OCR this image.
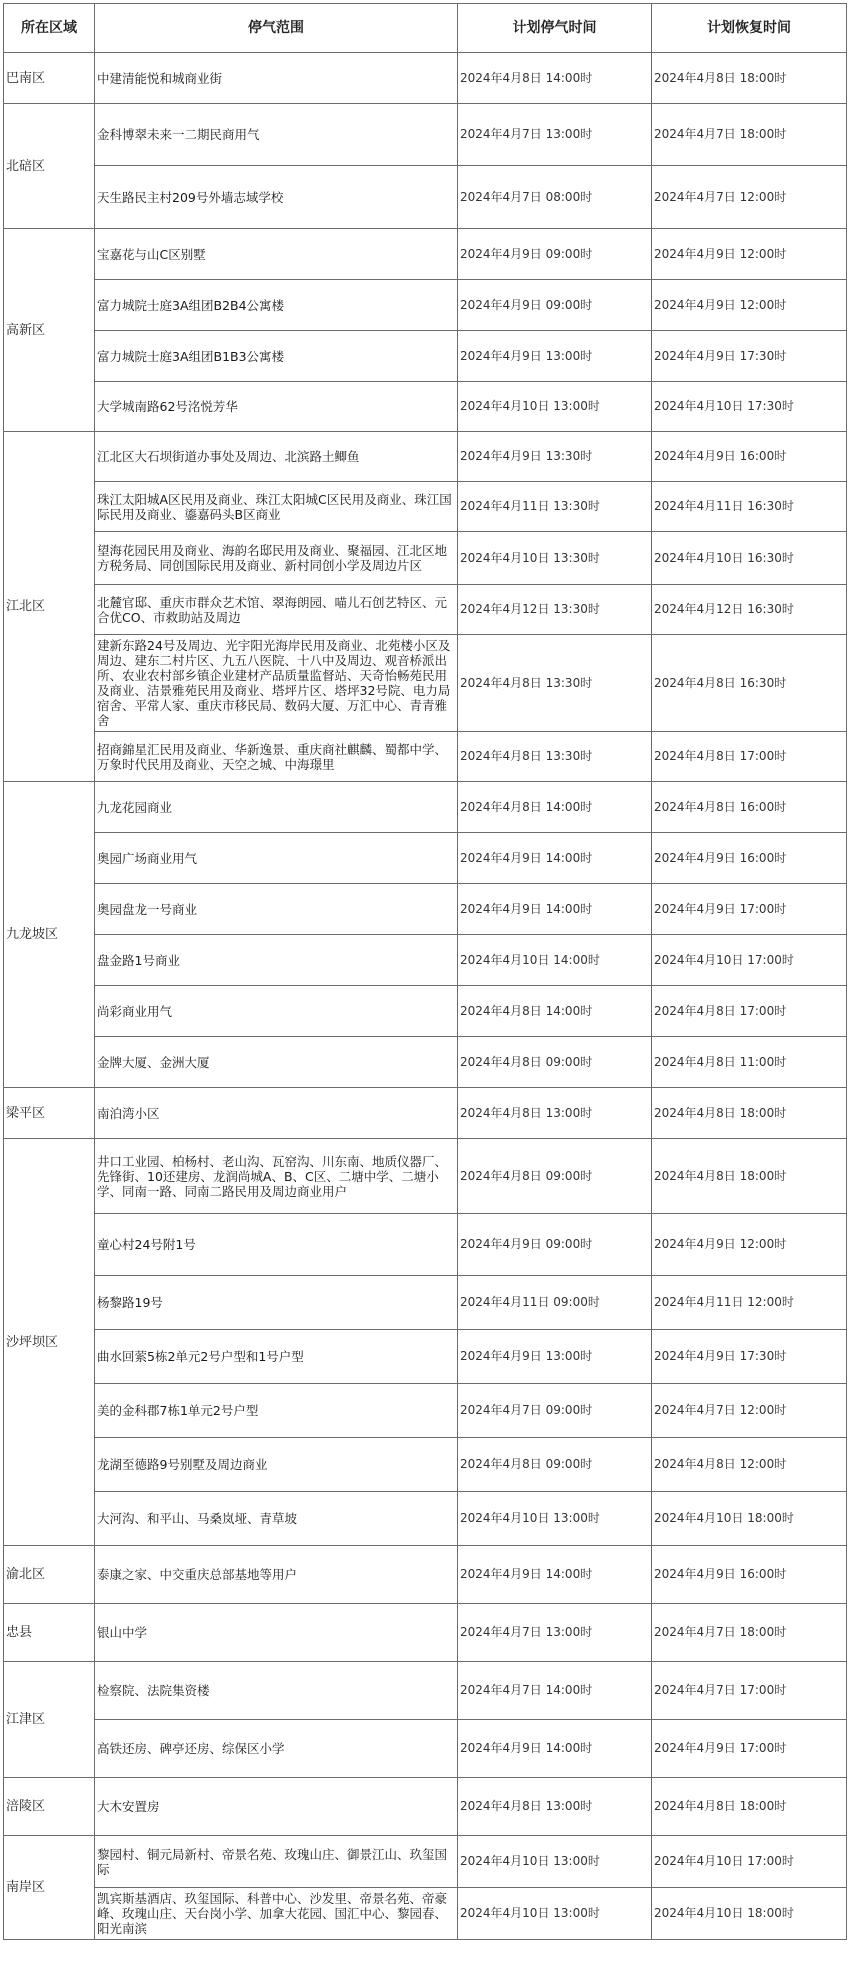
所在区域	停气范围	计划停气时间	计划恢复时间
巴南区	中建清能悦和城商业街	2024年4月8日 14:00时	2024年4月8日 18:00时
北碚区	金科博翠未来一二期民商用气	2024年4月7日 13:00时	2024年4月7日 18:00时
	天生路民主村209号外墙志域学校	2024年4月7日 08:00时	2024年4月7日 12:00时
高新区	宝嘉花与山C区别墅	2024年4月9日 09:00时	2024年4月9日 12:00时
	富力城院士庭3A组团B2B4公寓楼	2024年4月9日 09:00时	2024年4月9日 12:00时
	富力城院士庭3A组团B1B3公寓楼	2024年4月9日 13:00时	2024年4月9日 17:30时
	大学城南路62号洺悦芳华	2024年4月10日 13:00时	2024年4月10日 17:30时
江北区	江北区大石坝街道办事处及周边、北滨路土鲫鱼	2024年4月9日 13:30时	2024年4月9日 16:00时
	珠江太阳城A区民用及商业、珠江太阳城C区民用及商业、珠江国际民用及商业、鎏嘉码头B区商业	2024年4月11日 13:30时	2024年4月11日 16:30时
	望海花园民用及商业、海韵名邸民用及商业、聚福园、江北区地方税务局、同创国际民用及商业、新村同创小学及周边片区	2024年4月10日 13:30时	2024年4月10日 16:30时
	北麓官邸、重庆市群众艺术馆、翠海朗园、喵儿石创艺特区、元合优CO、市救助站及周边	2024年4月12日 13:30时	2024年4月12日 16:30时
	建新东路24号及周边、光宇阳光海岸民用及商业、北苑楼小区及周边、建东二村片区、九五八医院、十八中及周边、观音桥派出所、农业农村部乡镇企业建材产品质量监督站、天奇怡畅苑民用及商业、洁景雅苑民用及商业、塔坪片区、塔坪32号院、电力局宿舍、平常人家、重庆市移民局、数码大厦、万汇中心、青青雅舍	2024年4月8日 13:30时	2024年4月8日 16:30时
	招商錦星汇民用及商业、华新逸景、重庆商社麒麟、蜀都中学、万象时代民用及商业、天空之城、中海璟里	2024年4月8日 13:30时	2024年4月8日 17:00时
九龙坡区	九龙花园商业	2024年4月8日 14:00时	2024年4月8日 16:00时
	奥园广场商业用气	2024年4月9日 14:00时	2024年4月9日 16:00时
	奥园盘龙一号商业	2024年4月9日 14:00时	2024年4月9日 17:00时
	盘金路1号商业	2024年4月10日 14:00时	2024年4月10日 17:00时
	尚彩商业用气	2024年4月8日 14:00时	2024年4月8日 17:00时
	金牌大厦、金洲大厦	2024年4月8日 09:00时	2024年4月8日 11:00时
梁平区	南泊湾小区	2024年4月8日 13:00时	2024年4月8日 18:00时
沙坪坝区	井口工业园、柏杨村、老山沟、瓦窑沟、川东南、地质仪器厂、先锋街、10还建房、龙润尚城A、B、C区、二塘中学、二塘小学、同南一路、同南二路民用及周边商业用户	2024年4月8日 09:00时	2024年4月8日 18:00时
	童心村24号附1号	2024年4月9日 09:00时	2024年4月9日 12:00时
	杨黎路19号	2024年4月11日 09:00时	2024年4月11日 12:00时
	曲水回萦5栋2单元2号户型和1号户型	2024年4月9日 13:00时	2024年4月9日 17:30时
	美的金科郡7栋1单元2号户型	2024年4月7日 09:00时	2024年4月7日 12:00时
	龙湖至德路9号别墅及周边商业	2024年4月8日 09:00时	2024年4月8日 12:00时
	大河沟、和平山、马桑岚垭、青草坡	2024年4月10日 13:00时	2024年4月10日 18:00时
渝北区	泰康之家、中交重庆总部基地等用户	2024年4月9日 14:00时	2024年4月9日 16:00时
忠县	银山中学	2024年4月7日 13:00时	2024年4月7日 18:00时
江津区	检察院、法院集资楼	2024年4月7日 14:00时	2024年4月7日 17:00时
	高铁还房、碑亭还房、综保区小学	2024年4月9日 14:00时	2024年4月9日 17:00时
涪陵区	大木安置房	2024年4月8日 13:00时	2024年4月8日 18:00时
南岸区	黎园村、铜元局新村、帝景名苑、玫瑰山庄、御景江山、玖玺国际	2024年4月10日 13:00时	2024年4月10日 17:00时
	凯宾斯基酒店、玖玺国际、科普中心、沙发里、帝景名苑、帝豪峰、玫瑰山庄、天台岗小学、加拿大花园、国汇中心、黎园春、阳光南滨	2024年4月10日 13:00时	2024年4月10日 18:00时
